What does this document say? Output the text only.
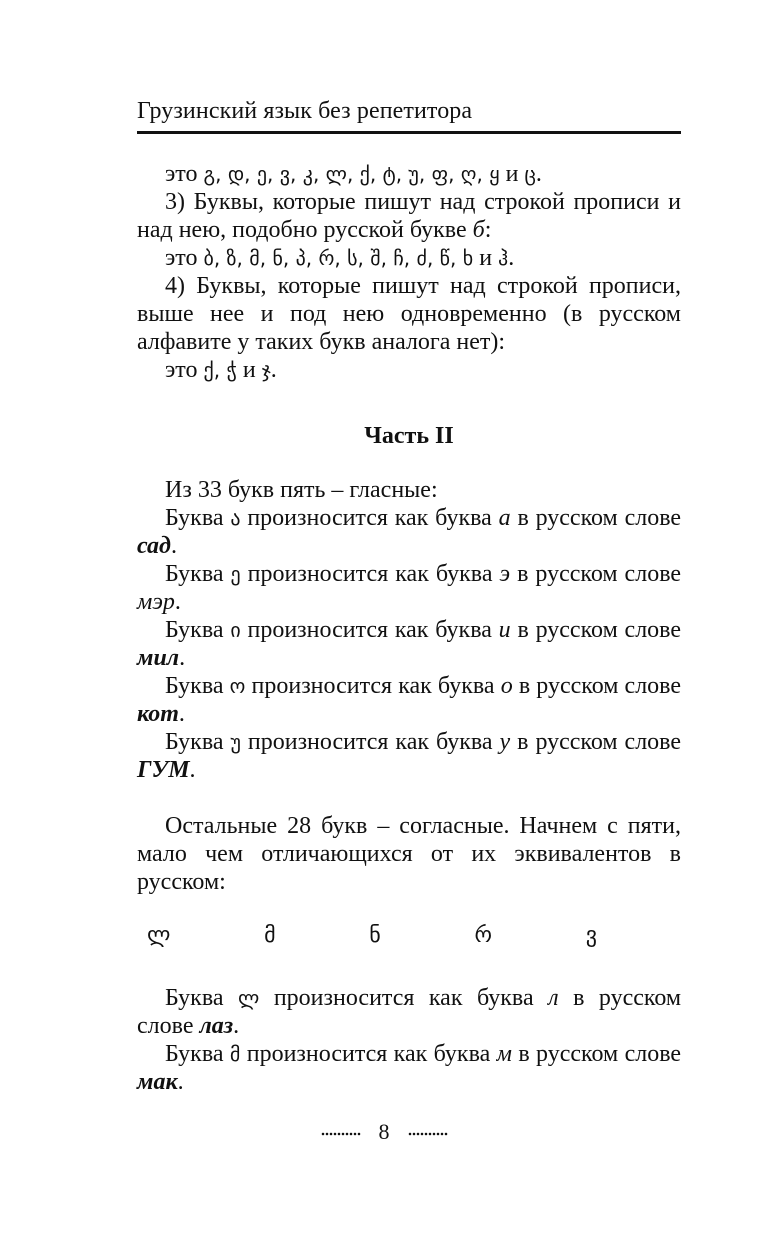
Грузинский язык без репетитора

это გ, დ, ე, ვ, კ, ლ, ქ, ტ, უ, ფ, ღ, ყ и ც.

3) Буквы, которые пишут над строкой прописи и над нею, подобно русской букве б:

это ბ, ზ, მ, ნ, პ, რ, ს, შ, ჩ, ძ, წ, ხ и ჰ.

4) Буквы, которые пишут над строкой прописи, выше нее и под нею одновременно (в русском алфавите у таких букв аналога нет):

это ქ, ჭ и ჯ.

Часть II

Из 33 букв пять – гласные:

Буква ა произносится как буква а в русском слове сад.

Буква ე произносится как буква э в русском слове мэр.

Буква ი произносится как буква и в русском слове мил.

Буква ო произносится как буква о в русском слове кот.

Буква უ произносится как буква у в русском слове ГУМ.

Остальные 28 букв – согласные. Начнем с пяти, мало чем отличающихся от их эквивалентов в русском:

ლ	მ	ნ	რ	ვ

Буква ლ произносится как буква л в русском слове лаз.

Буква მ произносится как буква м в русском слове мак.

8
